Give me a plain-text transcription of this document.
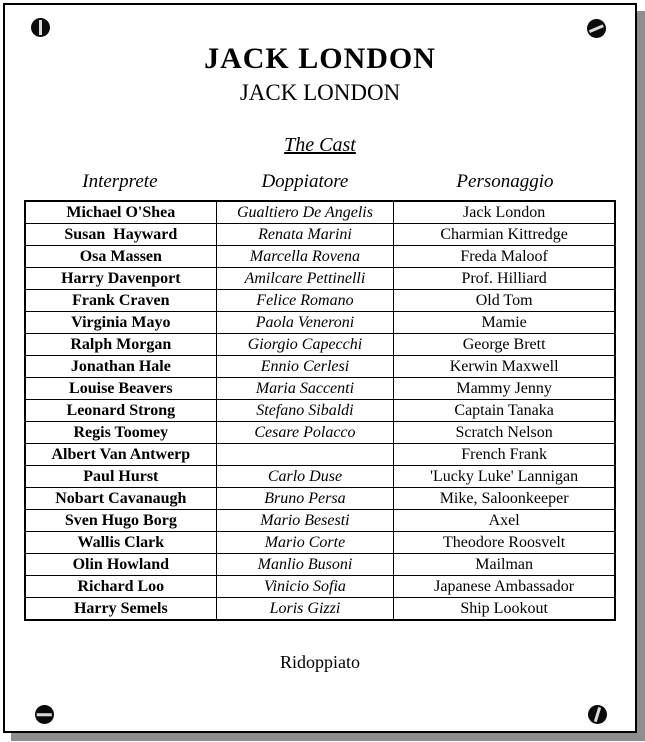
JACK LONDON
JACK LONDON
The Cast
Interprete	Doppiatore	Personaggio
Michael O'Shea	Gualtiero De Angelis	Jack London
Susan  Hayward	Renata Marini	Charmian Kittredge
Osa Massen	Marcella Rovena	Freda Maloof
Harry Davenport	Amilcare Pettinelli	Prof. Hilliard
Frank Craven	Felice Romano	Old Tom
Virginia Mayo	Paola Veneroni	Mamie
Ralph Morgan	Giorgio Capecchi	George Brett
Jonathan Hale	Ennio Cerlesi	Kerwin Maxwell
Louise Beavers	Maria Saccenti	Mammy Jenny
Leonard Strong	Stefano Sibaldi	Captain Tanaka
Regis Toomey	Cesare Polacco	Scratch Nelson
Albert Van Antwerp		French Frank
Paul Hurst	Carlo Duse	'Lucky Luke' Lannigan
Nobart Cavanaugh	Bruno Persa	Mike, Saloonkeeper
Sven Hugo Borg	Mario Besesti	Axel
Wallis Clark	Mario Corte	Theodore Roosvelt
Olin Howland	Manlio Busoni	Mailman
Richard Loo	Vinicio Sofia	Japanese Ambassador
Harry Semels	Loris Gizzi	Ship Lookout
Ridoppiato
